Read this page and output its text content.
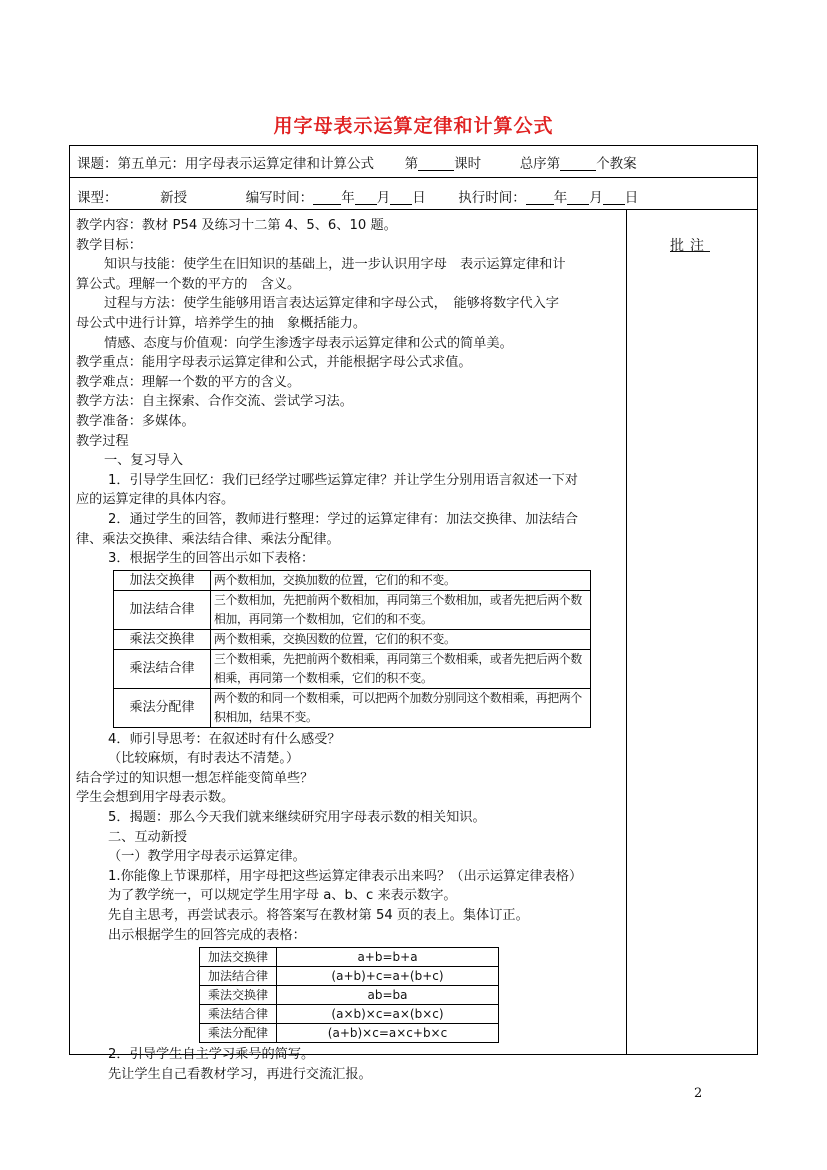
用字母表示运算定律和计算公式
课题：第五单元：用字母表示运算定律和计算公式 第	课时	总序第	个教案
课型：	新授	编写时间： 年 月 日 执行时间： 年 月 日
批注

教学内容：教材 P54 及练习十二第 4、5、6、10 题。

教学目标：

知识与技能：使学生在旧知识的基础上，进一步认识用字母　表示运算定律和计

算公式。理解一个数的平方的　含义。

过程与方法：使学生能够用语言表达运算定律和字母公式，　能够将数字代入字

母公式中进行计算，培养学生的抽　象概括能力。

情感、态度与价值观：向学生渗透字母表示运算定律和公式的简单美。

教学重点：能用字母表示运算定律和公式，并能根据字母公式求值。

教学难点：理解一个数的平方的含义。

教学方法：自主探索、合作交流、尝试学习法。

教学准备：多媒体。

教学过程

一、复习导入

1．引导学生回忆：我们已经学过哪些运算定律？并让学生分别用语言叙述一下对

应的运算定律的具体内容。

2．通过学生的回答，教师进行整理：学过的运算定律有：加法交换律、加法结合

律、乘法交换律、乘法结合律、乘法分配律。

3．根据学生的回答出示如下表格：

加法交换律	两个数相加，交换加数的位置，它们的和不变。
加法结合律	三个数相加，先把前两个数相加，再同第三个数相加，或者先把后两个数相加，再同第一个数相加，它们的和不变。
乘法交换律	两个数相乘，交换因数的位置，它们的积不变。
乘法结合律	三个数相乘，先把前两个数相乘，再同第三个数相乘，或者先把后两个数相乘，再同第一个数相乘，它们的积不变。
乘法分配律	两个数的和同一个数相乘，可以把两个加数分别同这个数相乘，再把两个积相加，结果不变。

4．师引导思考：在叙述时有什么感受？

（比较麻烦，有时表达不清楚。）

结合学过的知识想一想怎样能变简单些？

学生会想到用字母表示数。

5．揭题：那么今天我们就来继续研究用字母表示数的相关知识。

二、互动新授

（一）教学用字母表示运算定律。

1.你能像上节课那样，用字母把这些运算定律表示出来吗？（出示运算定律表格）

为了教学统一，可以规定学生用字母 a、b、c 来表示数字。

先自主思考，再尝试表示。将答案写在教材第 54 页的表上。集体订正。

出示根据学生的回答完成的表格：

加法交换律	a+b=b+a
加法结合律	(a+b)+c=a+(b+c)
乘法交换律	ab=ba
乘法结合律	(a×b)×c=a×(b×c)
乘法分配律	(a+b)×c=a×c+b×c

2．引导学生自主学习乘号的简写。

先让学生自己看教材学习，再进行交流汇报。

2
